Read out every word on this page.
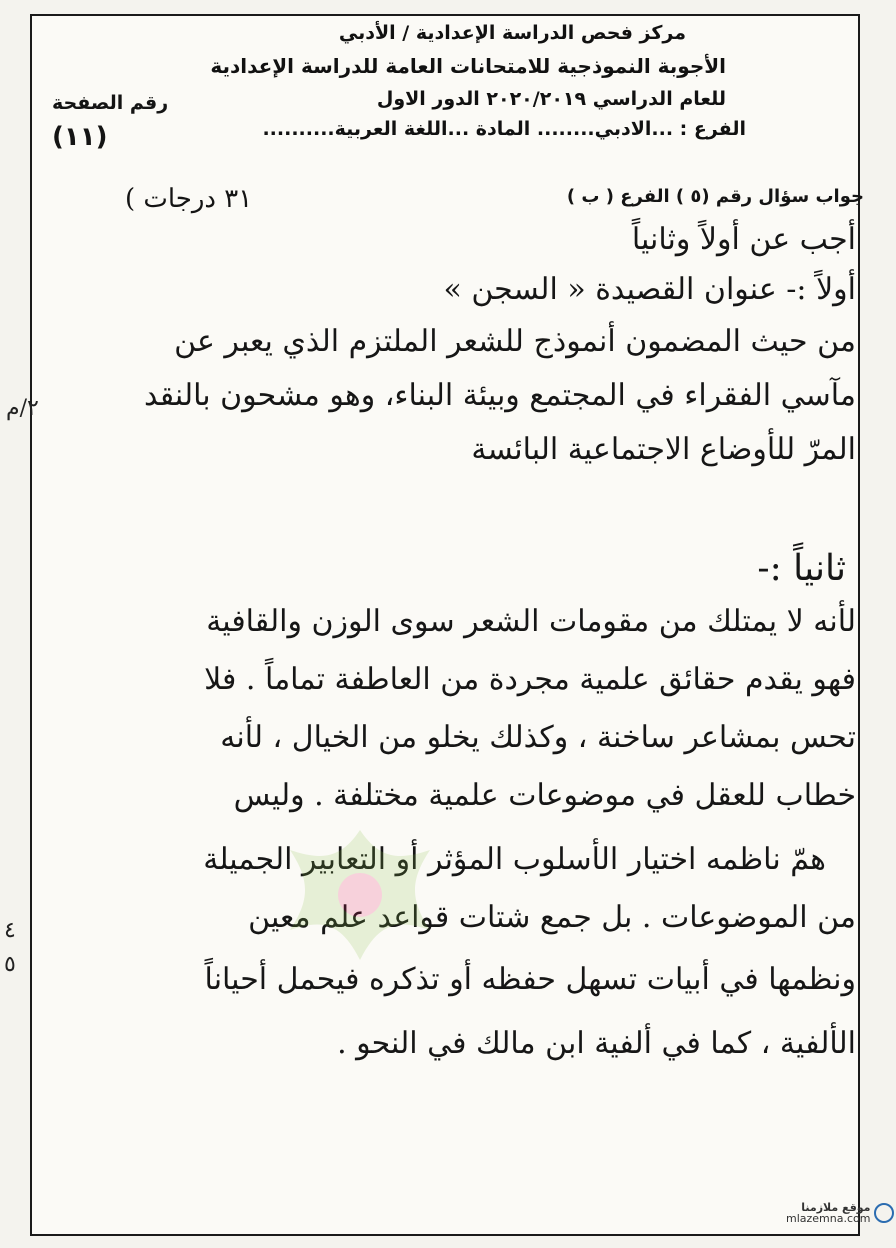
مركز فحص الدراسة الإعدادية / الأدبي
الأجوبة النموذجية للامتحانات العامة للدراسة الإعدادية
للعام الدراسي ٢٠٢٠/٢٠١٩ الدور الاول
الفرع : ...الادبي........ المادة ...اللغة العربية..........
رقم الصفحة
(١١)
جواب سؤال رقم (٥ ) الفرع ( ب )
٣١ درجات )
أجب عن أولاً وثانياً
أولاً :- عنوان القصيدة « السجن »
من حيث المضمون أنموذج للشعر الملتزم الذي يعبر عن
مآسي الفقراء في المجتمع وبيئة البناء، وهو مشحون بالنقد
المرّ للأوضاع الاجتماعية البائسة
ثانياً :-
لأنه لا يمتلك من مقومات الشعر سوى الوزن والقافية
فهو يقدم حقائق علمية مجردة من العاطفة تماماً . فلا
تحس بمشاعر ساخنة ، وكذلك يخلو من الخيال ، لأنه
خطاب للعقل في موضوعات علمية مختلفة . وليس
همّ ناظمه اختيار الأسلوب المؤثر أو التعابير الجميلة
من الموضوعات . بل جمع شتات قواعد علم معين
ونظمها في أبيات تسهل حفظه أو تذكره فيحمل أحياناً
الألفية ، كما في ألفية ابن مالك في النحو .
٢/م
٤
٥
موقع ملازمنا
mlazemna.com
